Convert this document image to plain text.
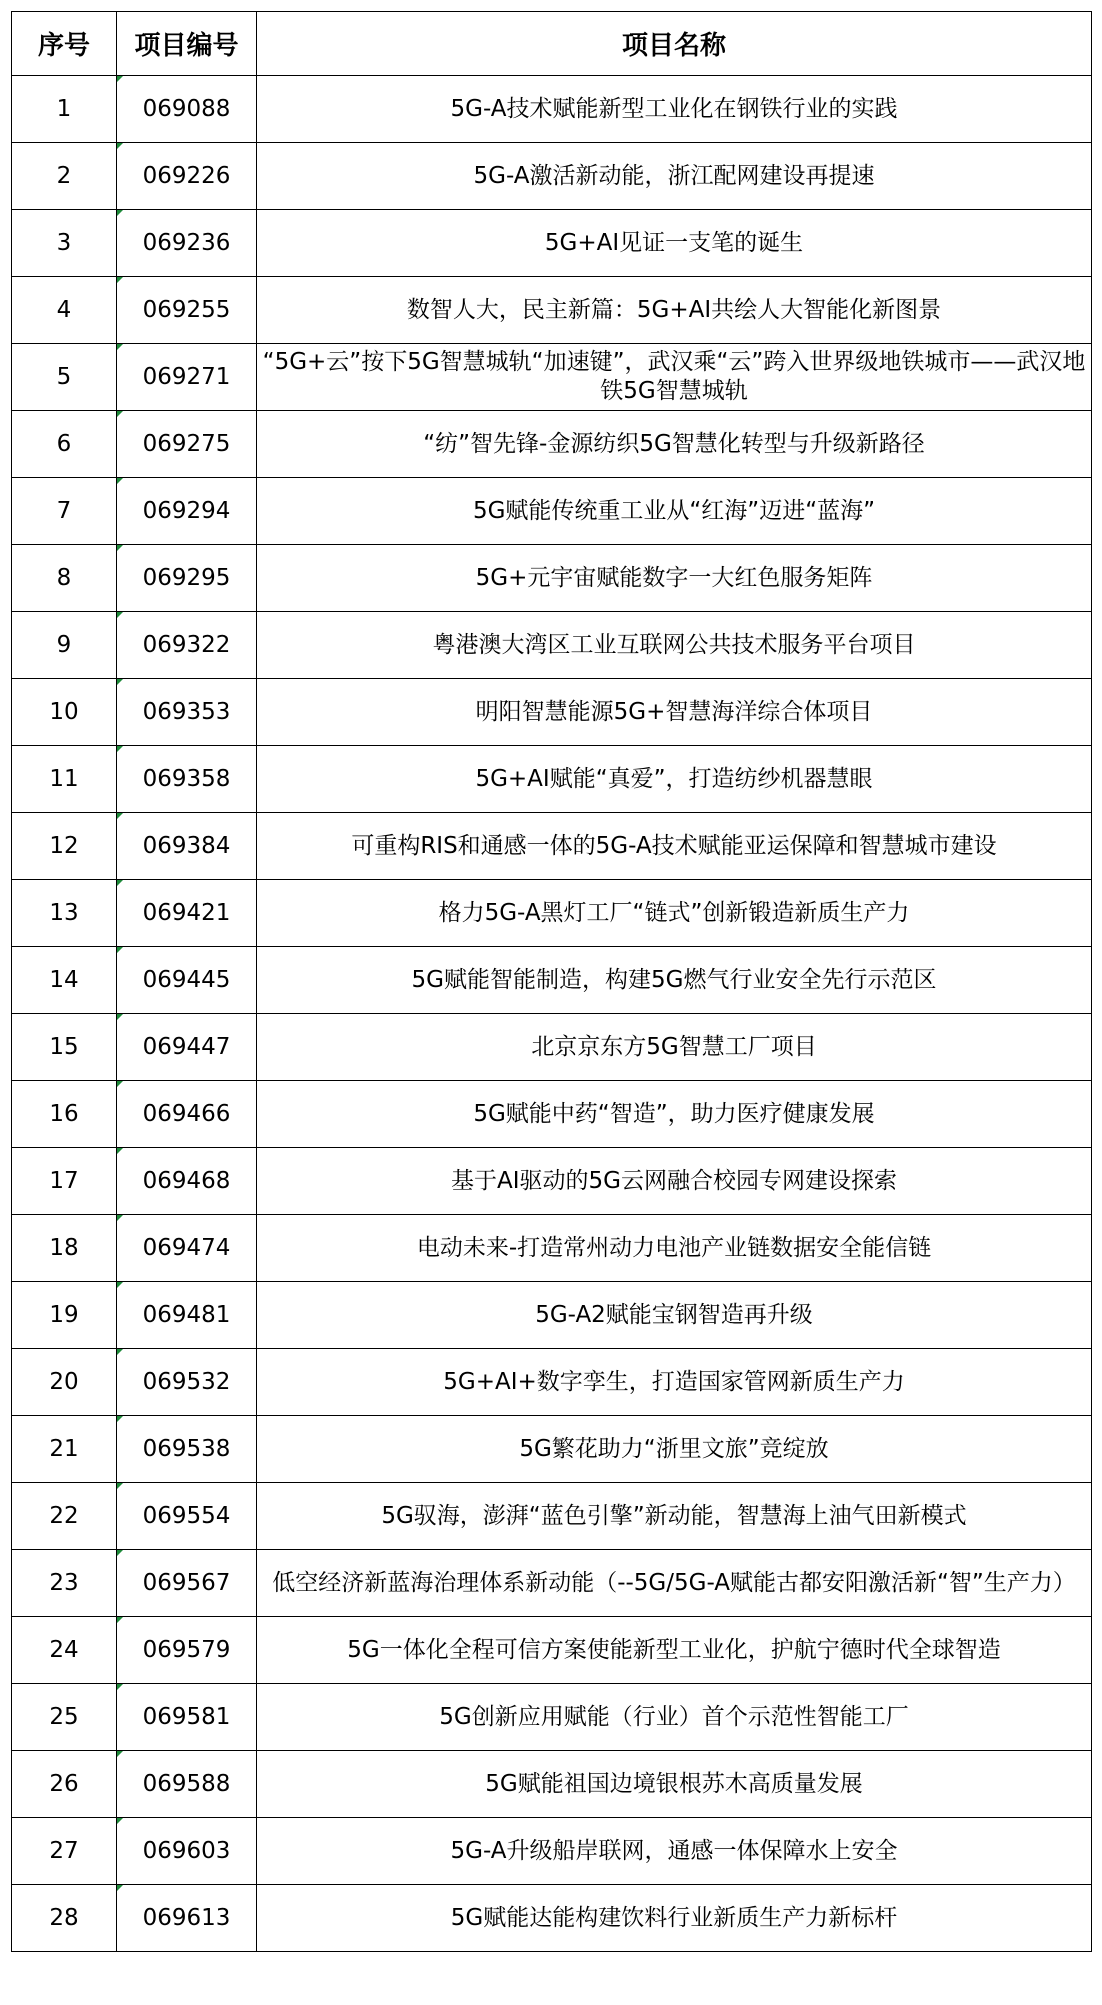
序号	项目编号	项目名称
1	069088	5G-A技术赋能新型工业化在钢铁行业的实践
2	069226	5G-A激活新动能，浙江配网建设再提速
3	069236	5G+AI见证一支笔的诞生
4	069255	数智人大，民主新篇：5G+AI共绘人大智能化新图景
5	069271	“5G+云”按下5G智慧城轨“加速键”，武汉乘“云”跨入世界级地铁城市——武汉地铁5G智慧城轨
6	069275	“纺”智先锋-金源纺织5G智慧化转型与升级新路径
7	069294	5G赋能传统重工业从“红海”迈进“蓝海”
8	069295	5G+元宇宙赋能数字一大红色服务矩阵
9	069322	粤港澳大湾区工业互联网公共技术服务平台项目
10	069353	明阳智慧能源5G+智慧海洋综合体项目
11	069358	5G+AI赋能“真爱”，打造纺纱机器慧眼
12	069384	可重构RIS和通感一体的5G-A技术赋能亚运保障和智慧城市建设
13	069421	格力5G-A黑灯工厂“链式”创新锻造新质生产力
14	069445	5G赋能智能制造，构建5G燃气行业安全先行示范区
15	069447	北京京东方5G智慧工厂项目
16	069466	5G赋能中药“智造”，助力医疗健康发展
17	069468	基于AI驱动的5G云网融合校园专网建设探索
18	069474	电动未来-打造常州动力电池产业链数据安全能信链
19	069481	5G-A2赋能宝钢智造再升级
20	069532	5G+AI+数字孪生，打造国家管网新质生产力
21	069538	5G繁花助力“浙里文旅”竞绽放
22	069554	5G驭海，澎湃“蓝色引擎”新动能，智慧海上油气田新模式
23	069567	低空经济新蓝海治理体系新动能（--5G/5G-A赋能古都安阳激活新“智”生产力）
24	069579	5G一体化全程可信方案使能新型工业化，护航宁德时代全球智造
25	069581	5G创新应用赋能（行业）首个示范性智能工厂
26	069588	5G赋能祖国边境银根苏木高质量发展
27	069603	5G-A升级船岸联网，通感一体保障水上安全
28	069613	5G赋能达能构建饮料行业新质生产力新标杆
